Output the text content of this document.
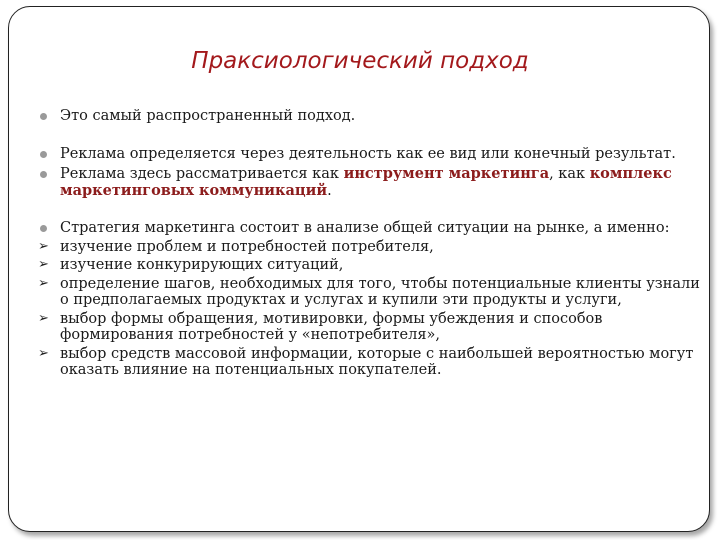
Праксиологический подход
Это самый распространенный подход.
Реклама определяется через деятельность как ее вид или конечный результат.
Реклама здесь рассматривается как инструмент маркетинга, как комплекс маркетинговых коммуникаций.
Стратегия маркетинга состоит в анализе общей ситуации на рынке, а именно:
➢ изучение проблем и потребностей потребителя,
➢ изучение конкурирующих ситуаций,
➢ определение шагов, необходимых для того, чтобы потенциальные клиенты узнали о предполагаемых продуктах и услугах и купили эти продукты и услуги,
➢ выбор формы обращения, мотивировки, формы убеждения и способов формирования потребностей у «непотребителя»,
➢ выбор средств массовой информации, которые с наибольшей вероятностью могут оказать влияние на потенциальных покупателей.
